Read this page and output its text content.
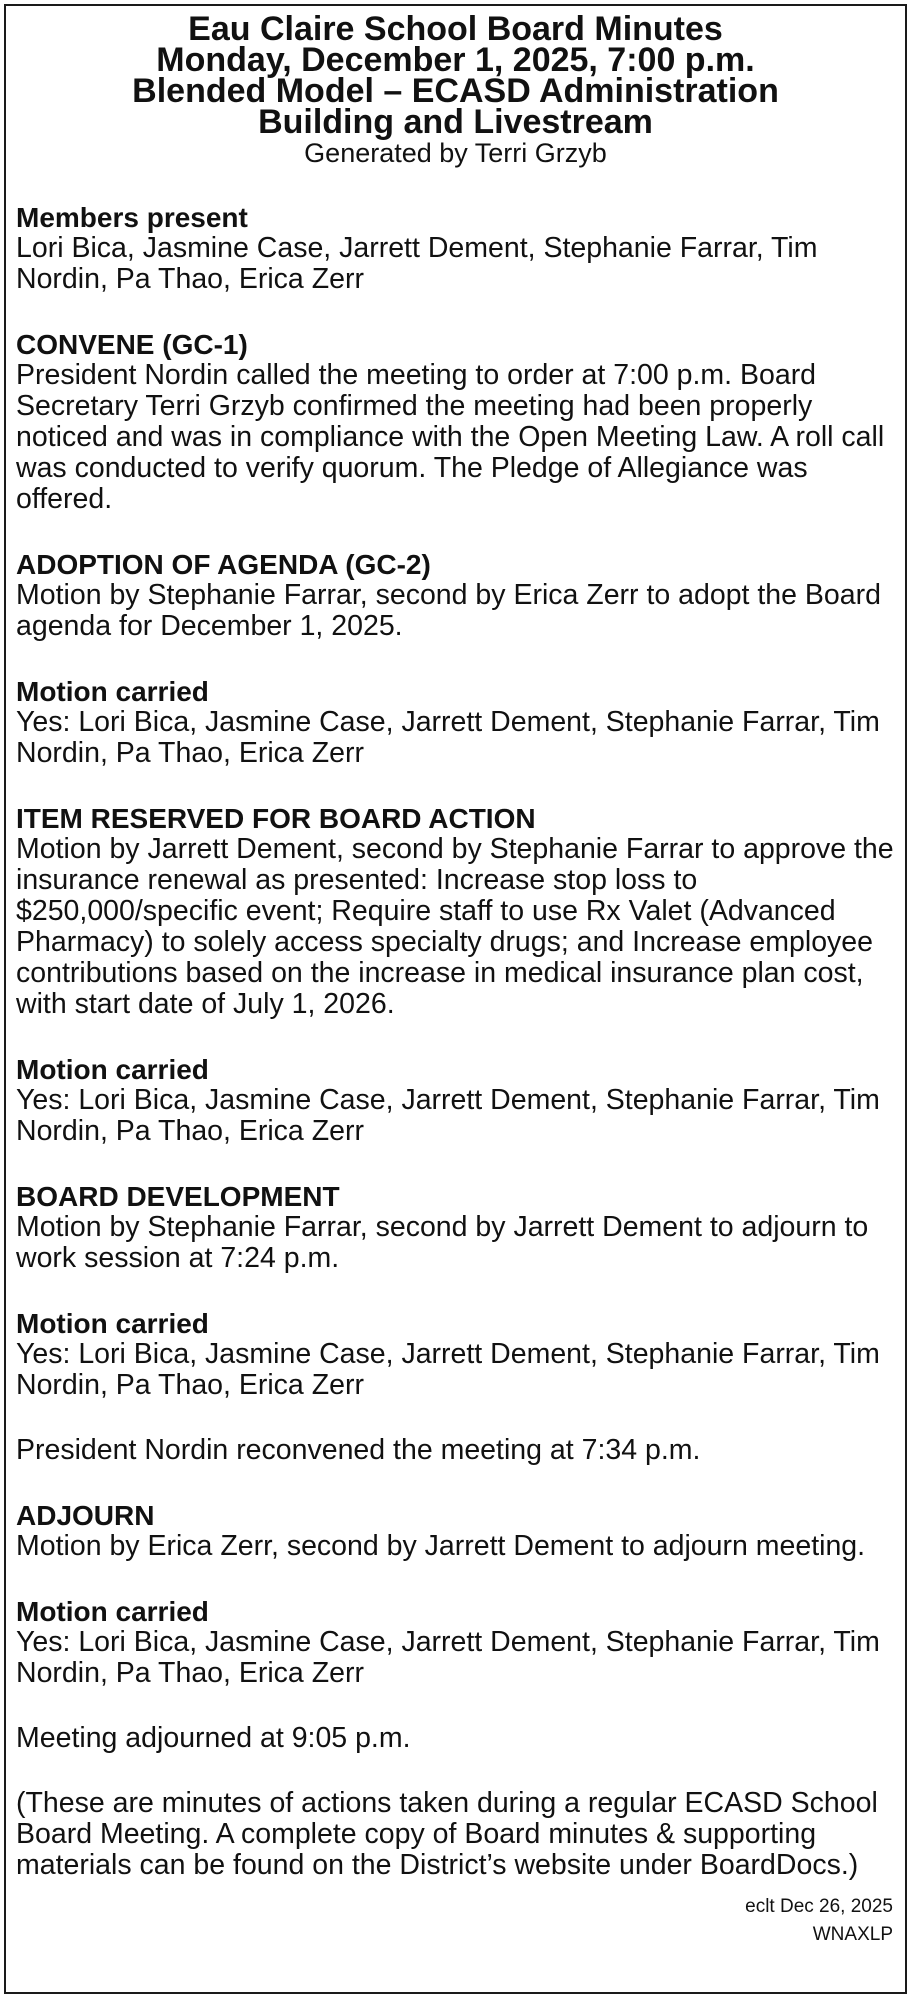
Eau Claire School Board Minutes
Monday, December 1, 2025, 7:00 p.m.
Blended Model – ECASD Administration
Building and Livestream
Generated by Terri Grzyb
Members present
Lori Bica, Jasmine Case, Jarrett Dement, Stephanie Farrar, Tim Nordin, Pa Thao, Erica Zerr
CONVENE (GC-1)
President Nordin called the meeting to order at 7:00 p.m. Board Secretary Terri Grzyb confirmed the meeting had been properly noticed and was in compliance with the Open Meeting Law. A roll call was conducted to verify quorum. The Pledge of Allegiance was offered.
ADOPTION OF AGENDA (GC-2)
Motion by Stephanie Farrar, second by Erica Zerr to adopt the Board agenda for December 1, 2025.
Motion carried
Yes: Lori Bica, Jasmine Case, Jarrett Dement, Stephanie Farrar, Tim Nordin, Pa Thao, Erica Zerr
ITEM RESERVED FOR BOARD ACTION
Motion by Jarrett Dement, second by Stephanie Farrar to approve the insurance renewal as presented: Increase stop loss to $250,000/specific event; Require staff to use Rx Valet (Advanced Pharmacy) to solely access specialty drugs; and Increase employee contributions based on the increase in medical insurance plan cost, with start date of July 1, 2026.
Motion carried
Yes: Lori Bica, Jasmine Case, Jarrett Dement, Stephanie Farrar, Tim Nordin, Pa Thao, Erica Zerr
BOARD DEVELOPMENT
Motion by Stephanie Farrar, second by Jarrett Dement to adjourn to work session at 7:24 p.m.
Motion carried
Yes: Lori Bica, Jasmine Case, Jarrett Dement, Stephanie Farrar, Tim Nordin, Pa Thao, Erica Zerr
President Nordin reconvened the meeting at 7:34 p.m.
ADJOURN
Motion by Erica Zerr, second by Jarrett Dement to adjourn meeting.
Motion carried
Yes: Lori Bica, Jasmine Case, Jarrett Dement, Stephanie Farrar, Tim Nordin, Pa Thao, Erica Zerr
Meeting adjourned at 9:05 p.m.
(These are minutes of actions taken during a regular ECASD School Board Meeting. A complete copy of Board minutes & supporting materials can be found on the District’s website under BoardDocs.)
eclt Dec 26, 2025
WNAXLP
